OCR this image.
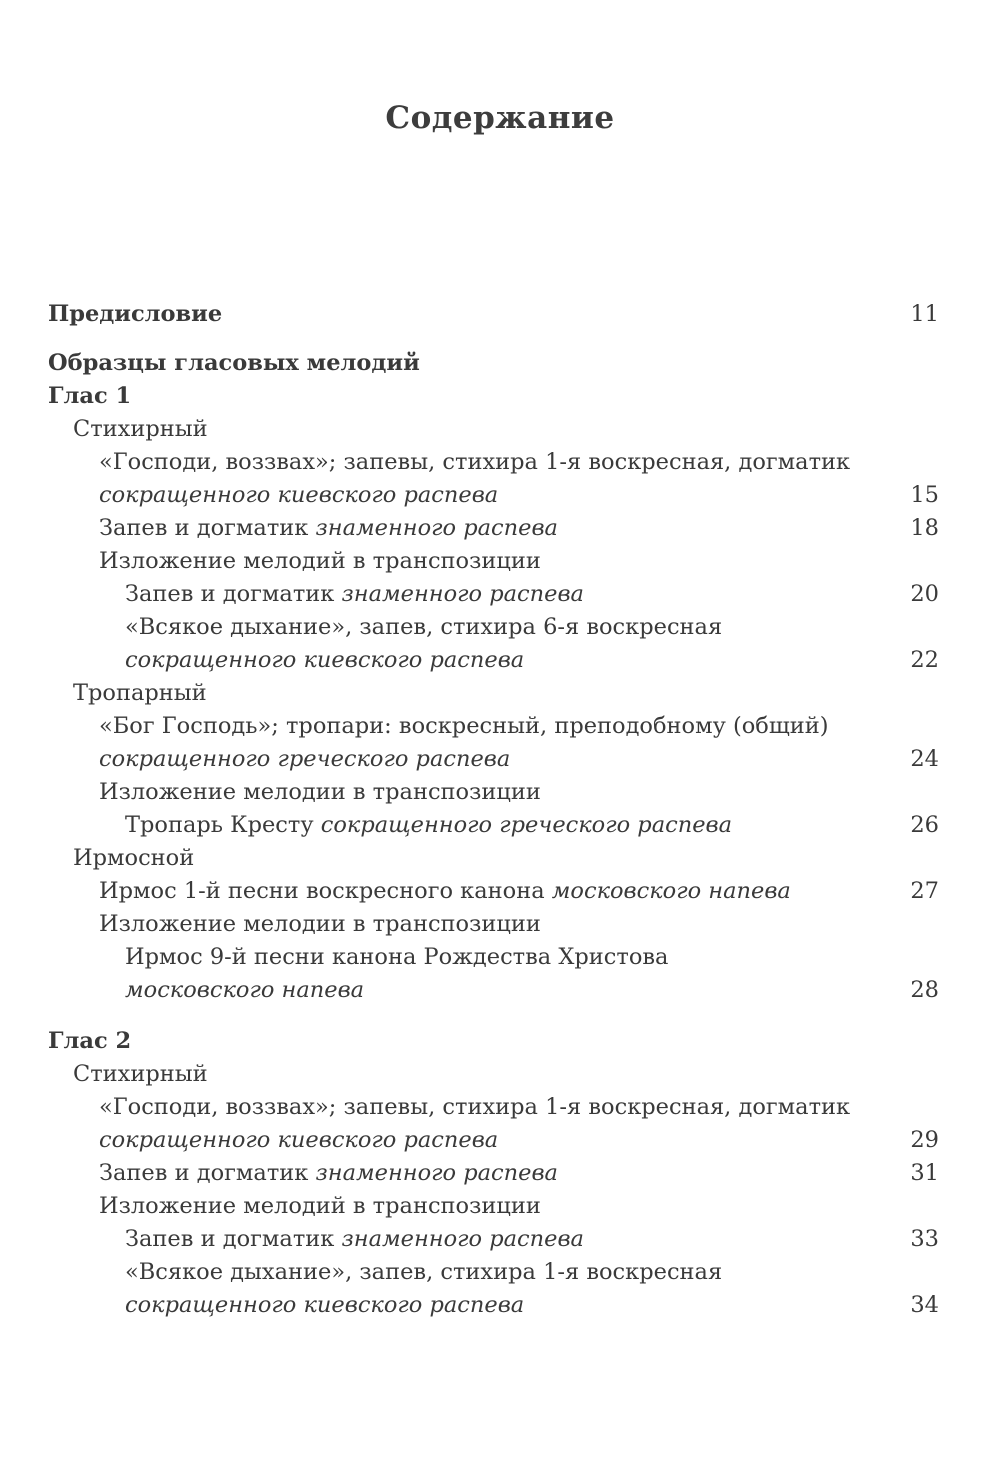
Содержание
Предисловие	11
Образцы гласовых мелодий
Глас 1
Стихирный
«Господи, воззвах»; запевы, стихира 1-я воскресная, догматик
сокращенного киевского распева	15
Запев и догматик знаменного распева	18
Изложение мелодий в транспозиции
Запев и догматик знаменного распева	20
«Всякое дыхание», запев, стихира 6-я воскресная
сокращенного киевского распева	22
Тропарный
«Бог Господь»; тропари: воскресный, преподобному (общий)
сокращенного греческого распева	24
Изложение мелодии в транспозиции
Тропарь Кресту сокращенного греческого распева	26
Ирмосной
Ирмос 1-й песни воскресного канона московского напева	27
Изложение мелодии в транспозиции
Ирмос 9-й песни канона Рождества Христова
московского напева	28
Глас 2
Стихирный
«Господи, воззвах»; запевы, стихира 1-я воскресная, догматик
сокращенного киевского распева	29
Запев и догматик знаменного распева	31
Изложение мелодий в транспозиции
Запев и догматик знаменного распева	33
«Всякое дыхание», запев, стихира 1-я воскресная
сокращенного киевского распева	34
